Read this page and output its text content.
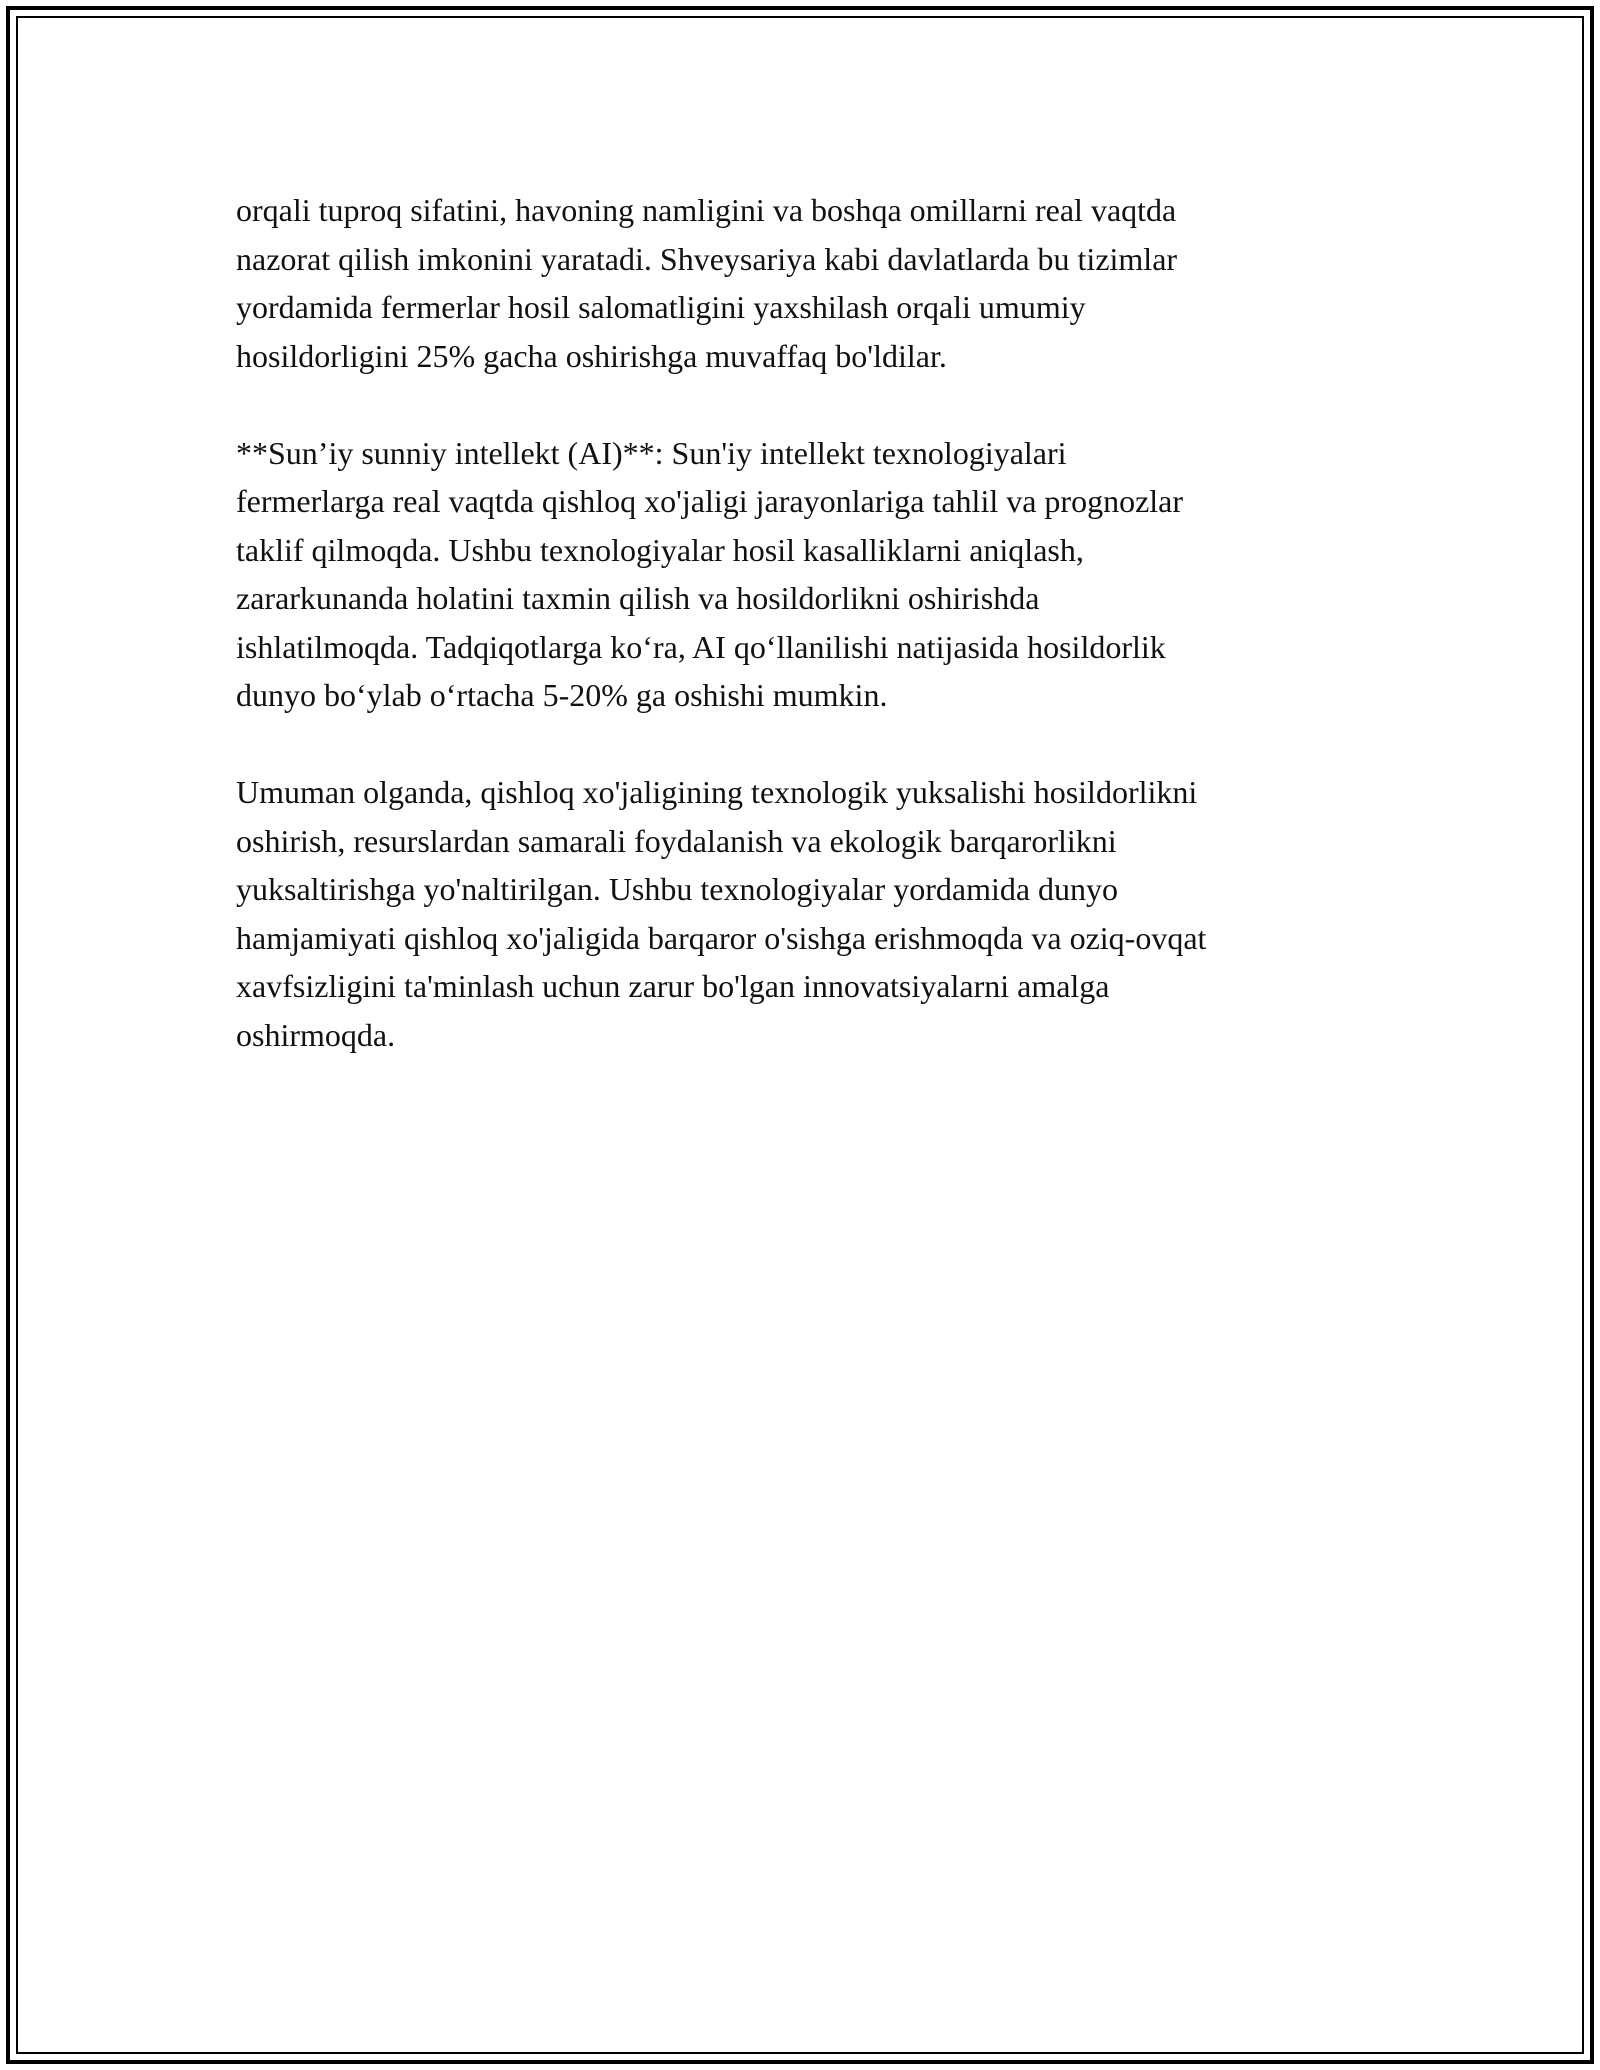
orqali tuproq sifatini, havoning namligini va boshqa omillarni real vaqtda
nazorat qilish imkonini yaratadi. Shveysariya kabi davlatlarda bu tizimlar
yordamida fermerlar hosil salomatligini yaxshilash orqali umumiy
hosildorligini 25% gacha oshirishga muvaffaq bo'ldilar.

**Sun’iy sunniy intellekt (AI)**: Sun'iy intellekt texnologiyalari
fermerlarga real vaqtda qishloq xo'jaligi jarayonlariga tahlil va prognozlar
taklif qilmoqda. Ushbu texnologiyalar hosil kasalliklarni aniqlash,
zararkunanda holatini taxmin qilish va hosildorlikni oshirishda
ishlatilmoqda. Tadqiqotlarga ko‘ra, AI qo‘llanilishi natijasida hosildorlik
dunyo bo‘ylab o‘rtacha 5-20% ga oshishi mumkin.

Umuman olganda, qishloq xo'jaligining texnologik yuksalishi hosildorlikni
oshirish, resurslardan samarali foydalanish va ekologik barqarorlikni
yuksaltirishga yo'naltirilgan. Ushbu texnologiyalar yordamida dunyo
hamjamiyati qishloq xo'jaligida barqaror o'sishga erishmoqda va oziq-ovqat
xavfsizligini ta'minlash uchun zarur bo'lgan innovatsiyalarni amalga
oshirmoqda.
